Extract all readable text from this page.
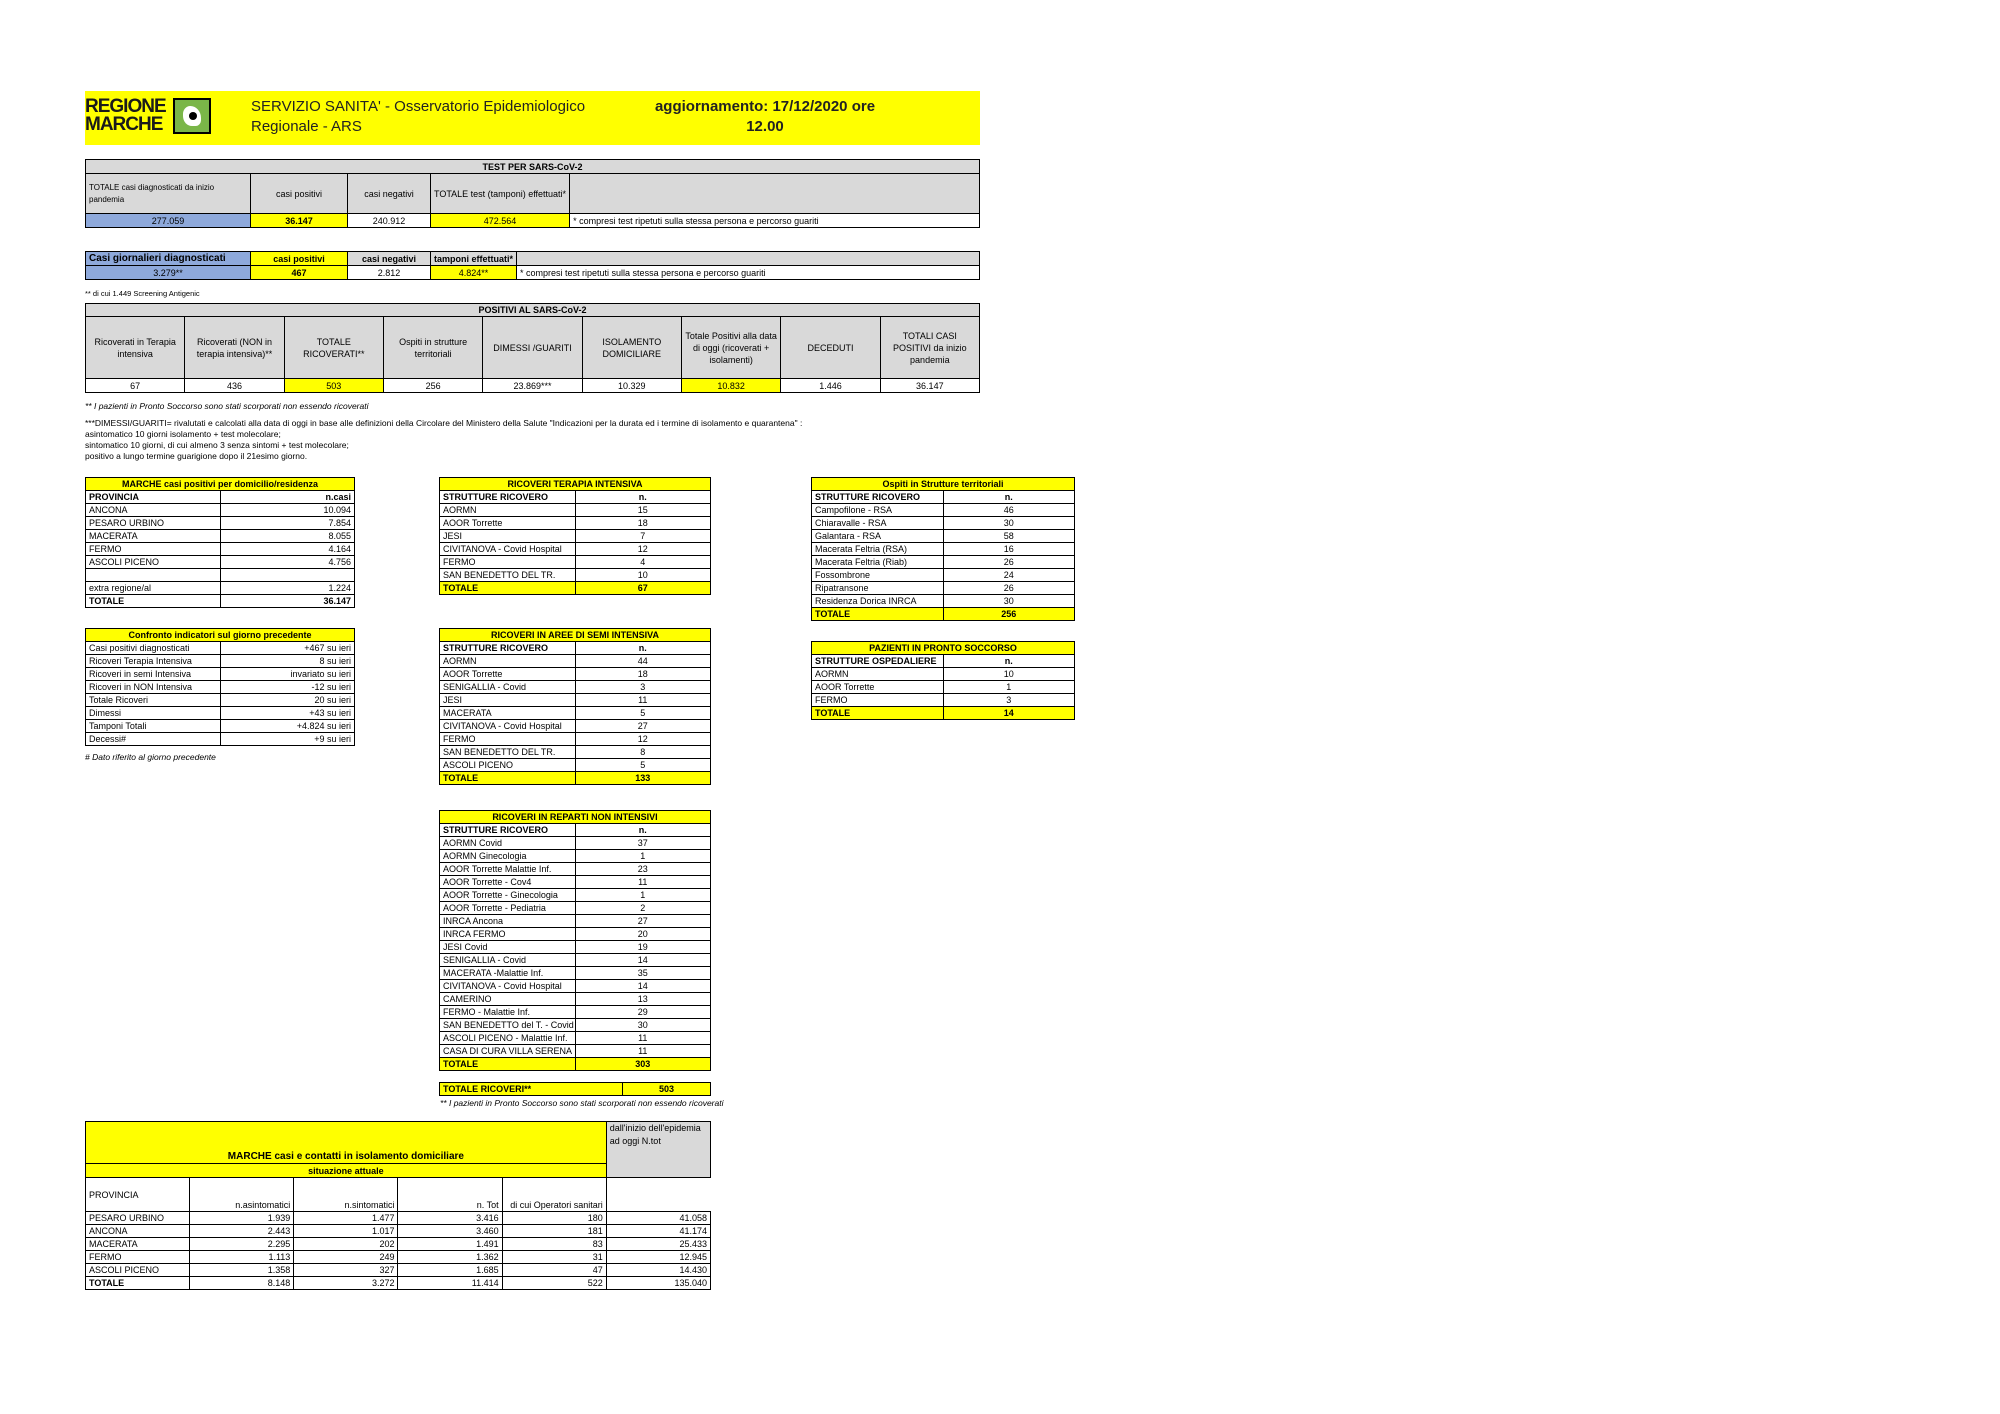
REGIONE
MARCHE
SERVIZIO SANITA' - Osservatorio Epidemiologico
Regionale - ARS
aggiornamento: 17/12/2020 ore
12.00
TEST PER SARS-CoV-2				
TOTALE casi diagnosticati da inizio pandemia	casi positivi	casi negativi	TOTALE test (tamponi) effettuati*	
277.059	36.147	240.912	472.564	* compresi test ripetuti sulla stessa persona e percorso guariti
Casi giornalieri diagnosticati	casi positivi	casi negativi	tamponi effettuati*	
3.279**	467	2.812	4.824**	* compresi test ripetuti sulla stessa persona e percorso guariti
** di cui 1.449 Screening Antigenic
POSITIVI AL SARS-CoV-2								
Ricoverati in Terapia intensiva	Ricoverati (NON in terapia intensiva)**	TOTALE RICOVERATI**	Ospiti in strutture territoriali	DIMESSI /GUARITI	ISOLAMENTO DOMICILIARE	Totale Positivi alla data di oggi (ricoverati + isolamenti)	DECEDUTI	TOTALI CASI POSITIVI da inizio pandemia
67	436	503	256	23.869***	10.329	10.832	1.446	36.147
** I pazienti in Pronto Soccorso sono stati scorporati non essendo ricoverati
***DIMESSI/GUARITI= rivalutati e calcolati alla data di oggi in base alle definizioni della Circolare del Ministero della Salute "Indicazioni per la durata ed i termine di isolamento e quarantena" :
asintomatico 10 giorni isolamento + test molecolare;
sintomatico 10 giorni, di cui almeno 3 senza sintomi + test molecolare;
positivo a lungo termine guarigione dopo il 21esimo giorno.
MARCHE casi positivi per domicilio/residenza	
PROVINCIA	n.casi
ANCONA	10.094
PESARO URBINO	7.854
MACERATA	8.055
FERMO	4.164
ASCOLI PICENO	4.756

extra regione/al	1.224
TOTALE	36.147
Confronto indicatori sul giorno precedente	
Casi positivi diagnosticati	+467 su ieri
Ricoveri Terapia Intensiva	8 su ieri
Ricoveri in semi Intensiva	invariato su ieri
Ricoveri in NON Intensiva	-12 su ieri
Totale Ricoveri	20 su ieri
Dimessi	+43 su ieri
Tamponi Totali	+4.824 su ieri
Decessi#	+9 su ieri
# Dato riferito al giorno precedente
RICOVERI TERAPIA INTENSIVA	
STRUTTURE RICOVERO	n.
AORMN	15
AOOR Torrette	18
JESI	7
CIVITANOVA - Covid Hospital	12
FERMO	4
SAN BENEDETTO DEL TR.	10
TOTALE	67
RICOVERI IN AREE DI SEMI INTENSIVA	
STRUTTURE RICOVERO	n.
AORMN	44
AOOR Torrette	18
SENIGALLIA - Covid	3
JESI	11
MACERATA	5
CIVITANOVA - Covid Hospital	27
FERMO	12
SAN BENEDETTO DEL TR.	8
ASCOLI PICENO	5
TOTALE	133
RICOVERI IN REPARTI NON INTENSIVI	
STRUTTURE RICOVERO	n.
AORMN Covid	37
AORMN Ginecologia	1
AOOR Torrette Malattie Inf.	23
AOOR Torrette - Cov4	11
AOOR Torrette - Ginecologia	1
AOOR Torrette - Pediatria	2
INRCA Ancona	27
INRCA FERMO	20
JESI Covid	19
SENIGALLIA - Covid	14
MACERATA -Malattie Inf.	35
CIVITANOVA - Covid Hospital	14
CAMERINO	13
FERMO - Malattie Inf.	29
SAN BENEDETTO del T. - Covid	30
ASCOLI PICENO - Malattie Inf.	11
CASA DI CURA VILLA SERENA	11
TOTALE	303
TOTALE RICOVERI**	503
** I pazienti in Pronto Soccorso sono stati scorporati non essendo ricoverati
Ospiti in Strutture territoriali	
STRUTTURE RICOVERO	n.
Campofilone - RSA	46
Chiaravalle - RSA	30
Galantara - RSA	58
Macerata Feltria (RSA)	16
Macerata Feltria (Riab)	26
Fossombrone	24
Ripatransone	26
Residenza Dorica INRCA	30
TOTALE	256
PAZIENTI IN PRONTO SOCCORSO	
STRUTTURE OSPEDALIERE	n.
AORMN	10
AOOR Torrette	1
FERMO	3
TOTALE	14
MARCHE casi e contatti in isolamento domiciliare					dall'inizio dell'epidemia ad oggi N.tot
situazione attuale					
PROVINCIA	n.asintomatici	n.sintomatici	n. Tot	di cui Operatori sanitari	
PESARO URBINO	1.939	1.477	3.416	180	41.058
ANCONA	2.443	1.017	3.460	181	41.174
MACERATA	2.295	202	1.491	83	25.433
FERMO	1.113	249	1.362	31	12.945
ASCOLI PICENO	1.358	327	1.685	47	14.430
TOTALE	8.148	3.272	11.414	522	135.040
